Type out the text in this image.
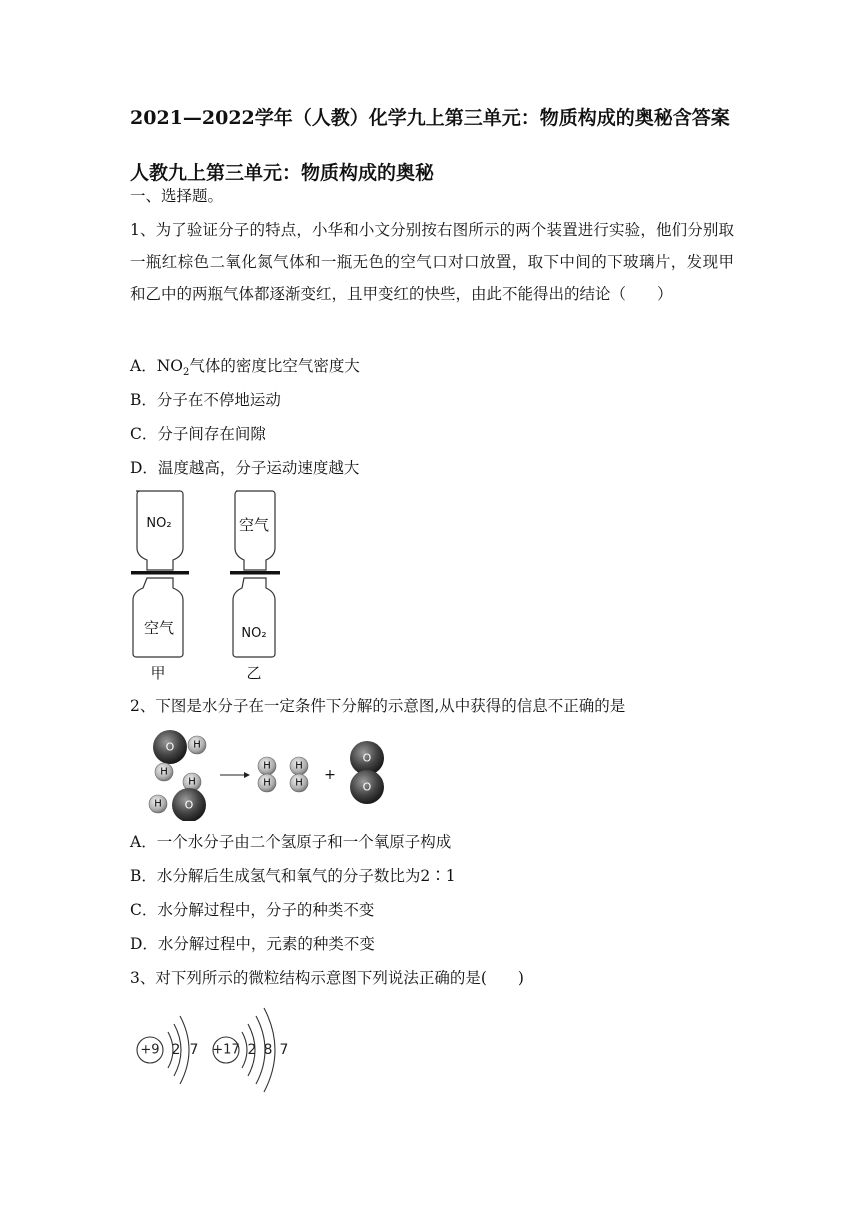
2021—2022学年（人教）化学九上第三单元：物质构成的奥秘含答案
人教九上第三单元：物质构成的奥秘
一、选择题。
1、为了验证分子的特点，小华和小文分别按右图所示的两个装置进行实验，他们分别取一瓶红棕色二氧化氮气体和一瓶无色的空气口对口放置，取下中间的下玻璃片，发现甲和乙中的两瓶气体都逐渐变红，且甲变红的快些，由此不能得出的结论（　　）
A．$NO_2$气体的密度比空气密度大
B．分子在不停地运动
C．分子间存在间隙
D．温度越高，分子运动速度越大
NO₂
空气
空气
NO₂
甲	乙
2、下图是水分子在一定条件下分解的示意图,从中获得的信息不正确的是
O H
H
H
H O
H
H
H
H +
O
O
A．一个水分子由二个氢原子和一个氧原子构成
B．水分解后生成氢气和氧气的分子数比为2∶1
C．水分解过程中，分子的种类不变
D．水分解过程中，元素的种类不变
3、对下列所示的微粒结构示意图下列说法正确的是(　　)
+9 2 7 +17 2 8 7
